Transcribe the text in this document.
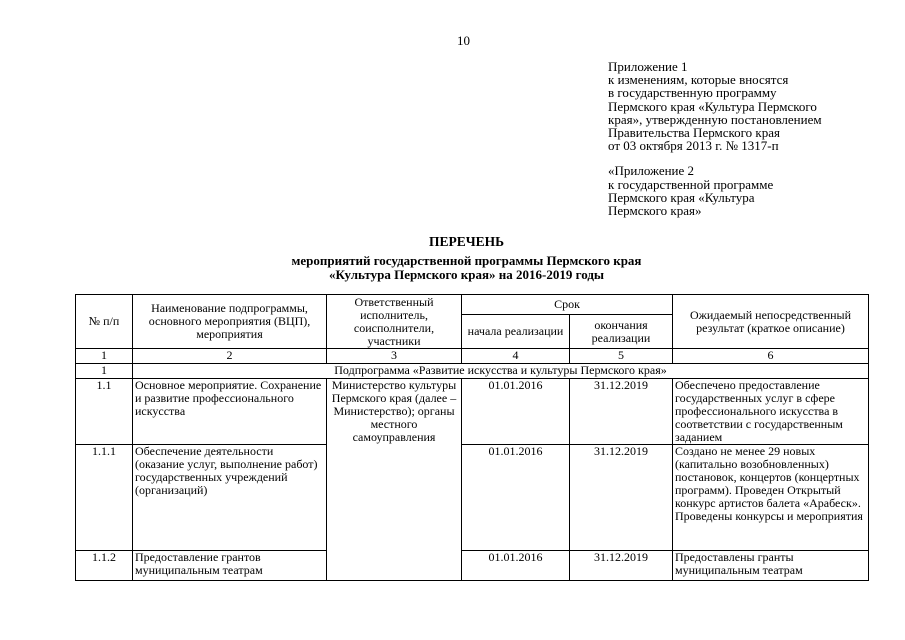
10
Приложение 1
к изменениям, которые вносятся
в государственную программу
Пермского края «Культура Пермского
края», утвержденную постановлением
Правительства Пермского края
от 03 октября 2013 г. № 1317-п
«Приложение 2
к государственной программе
Пермского края «Культура
Пермского края»
ПЕРЕЧЕНЬ
мероприятий государственной программы Пермского края
«Культура Пермского края» на 2016-2019 годы
№ п/п	Наименование подпрограммы, основного мероприятия (ВЦП), мероприятия	Ответственный исполнитель, соисполнители, участники	Срок		Ожидаемый непосредственный результат (краткое описание)
			начала реализации	окончания реализации	
1	2	3	4	5	6
1	Подпрограмма «Развитие искусства и культуры Пермского края»				
1.1	Основное мероприятие. Сохранение и развитие профессионального искусства	Министерство культуры Пермского края (далее – Министерство); органы местного самоуправления	01.01.2016	31.12.2019	Обеспечено предоставление государственных услуг в сфере профессионального искусства в соответствии с государственным заданием
1.1.1	Обеспечение деятельности (оказание услуг, выполнение работ) государственных учреждений (организаций)		01.01.2016	31.12.2019	Создано не менее 29 новых (капитально возобновленных) постановок, концертов (концертных программ). Проведен Открытый конкурс артистов балета «Арабеск». Проведены конкурсы и мероприятия
1.1.2	Предоставление грантов муниципальным театрам		01.01.2016	31.12.2019	Предоставлены гранты муниципальным театрам
